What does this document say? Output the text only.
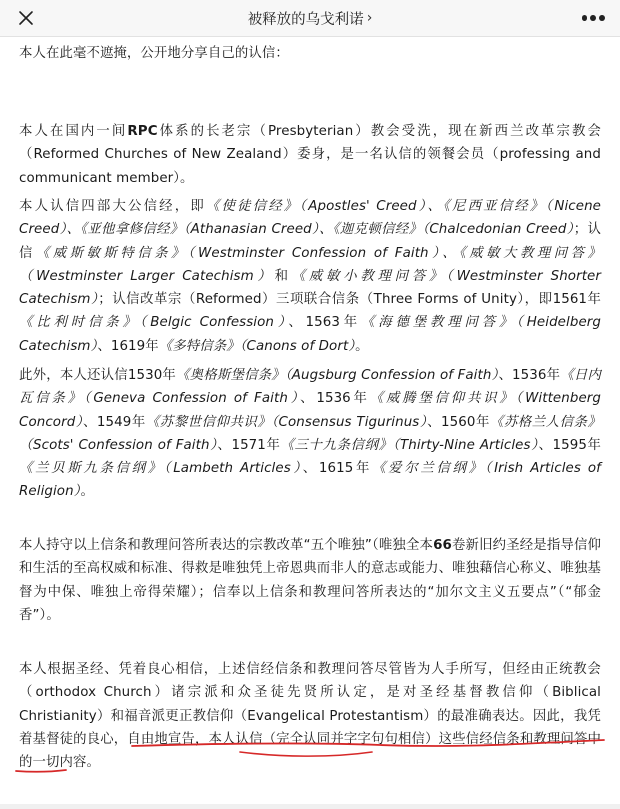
被释放的乌戈利诺 ›

本人在此毫不遮掩，公开地分享自己的认信：

本人在国内一间RPC体系的长老宗（Presbyterian）教会受洗，现在新西兰改革宗教会（Reformed Churches of New Zealand）委身，是一名认信的领餐会员（professing and communicant member）。

本人认信四部大公信经，即《使徒信经》（Apostles' Creed）、《尼西亚信经》（Nicene Creed）、《亚他拿修信经》（Athanasian Creed）、《迦克顿信经》（Chalcedonian Creed）；认信《威斯敏斯特信条》（Westminster Confession of Faith）、《威敏大教理问答》（Westminster Larger Catechism）和《威敏小教理问答》（Westminster Shorter Catechism）；认信改革宗（Reformed）三项联合信条（Three Forms of Unity），即1561年《比利时信条》（Belgic Confession）、1563年《海德堡教理问答》（Heidelberg Catechism）、1619年《多特信条》（Canons of Dort）。

此外，本人还认信1530年《奥格斯堡信条》（Augsburg Confession of Faith）、1536年《日内瓦信条》（Geneva Confession of Faith）、1536年《威腾堡信仰共识》（Wittenberg Concord）、1549年《苏黎世信仰共识》（Consensus Tigurinus）、1560年《苏格兰人信条》（Scots' Confession of Faith）、1571年《三十九条信纲》（Thirty-Nine Articles）、1595年《兰贝斯九条信纲》（Lambeth Articles）、1615年《爱尔兰信纲》（Irish Articles of Religion）。

本人持守以上信条和教理问答所表达的宗教改革“五个唯独”（唯独全本66卷新旧约圣经是指导信仰和生活的至高权威和标准、得救是唯独凭上帝恩典而非人的意志或能力、唯独藉信心称义、唯独基督为中保、唯独上帝得荣耀）；信奉以上信条和教理问答所表达的“加尔文主义五要点”（“郁金香”）。

本人根据圣经、凭着良心相信，上述信经信条和教理问答尽管皆为人手所写，但经由正统教会（orthodox Church）诸宗派和众圣徒先贤所认定，是对圣经基督教信仰（Biblical Christianity）和福音派更正教信仰（Evangelical Protestantism）的最准确表达。因此，我凭着基督徒的良心，自由地宣告，本人认信（完全认同并字字句句相信）这些信经信条和教理问答中的一切内容。
